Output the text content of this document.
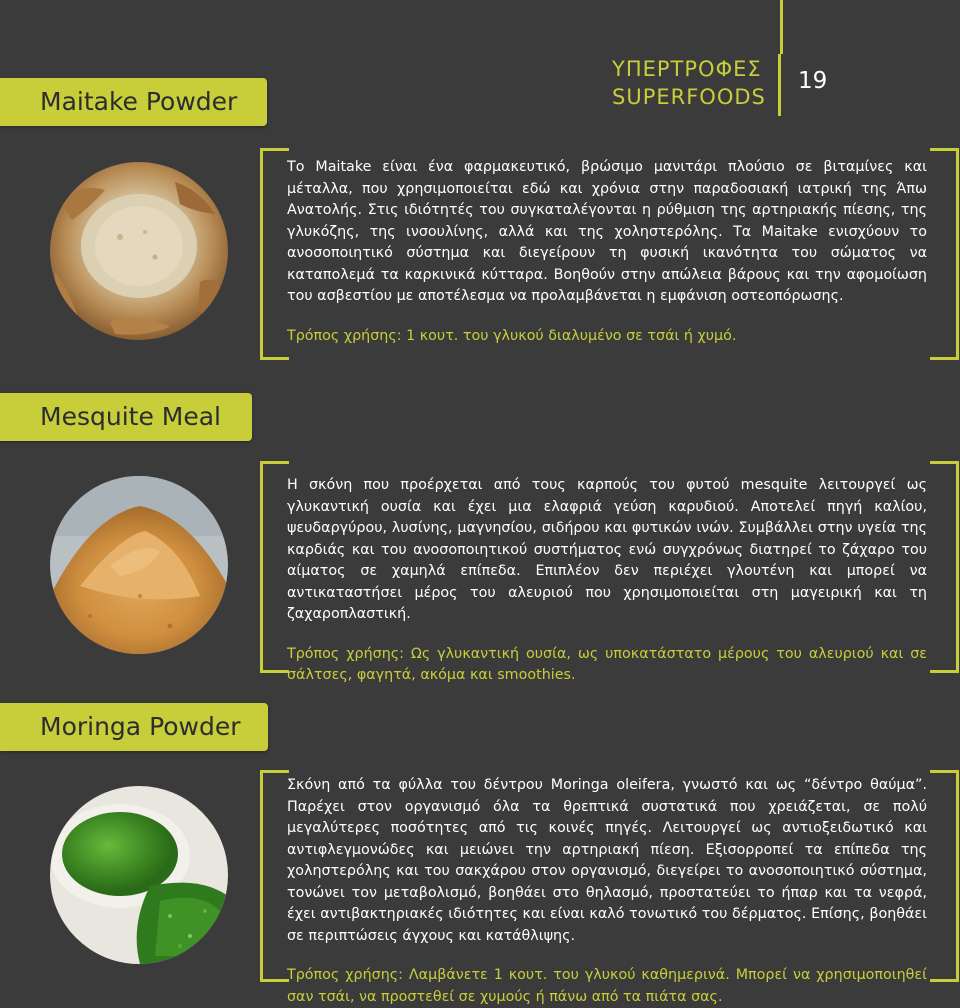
ΥΠΕΡΤΡΟΦΕΣ
SUPERFOODS
19
Maitake Powder

Το Maitake είναι ένα φαρμακευτικό, βρώσιμο μανιτάρι πλούσιο σε βιταμίνες και μέταλλα, που χρησιμοποιείται εδώ και χρόνια στην παραδοσιακή ιατρική της Άπω Ανατολής. Στις ιδιότητές του συγκαταλέγονται η ρύθμιση της αρτηριακής πίεσης, της γλυκόζης, της ινσουλίνης, αλλά και της χοληστερόλης. Τα Maitake ενισχύουν το ανοσοποιητικό σύστημα και διεγείρουν τη φυσική ικανότητα του σώματος να καταπολεμά τα καρκινικά κύτταρα. Βοηθούν στην απώλεια βάρους και την αφομοίωση του ασβεστίου με αποτέλεσμα να προλαμβάνεται η εμφάνιση οστεοπόρωσης.

Τρόπος χρήσης: 1 κουτ. του γλυκού διαλυμένο σε τσάι ή χυμό.

Mesquite Meal

Η σκόνη που προέρχεται από τους καρπούς του φυτού mesquite λειτουργεί ως γλυκαντική ουσία και έχει μια ελαφριά γεύση καρυδιού. Αποτελεί πηγή καλίου, ψευδαργύρου, λυσίνης, μαγνησίου, σιδήρου και φυτικών ινών. Συμβάλλει στην υγεία της καρδιάς και του ανοσοποιητικού συστήματος ενώ συγχρόνως διατηρεί το ζάχαρο του αίματος σε χαμηλά επίπεδα. Επιπλέον δεν περιέχει γλουτένη και μπορεί να αντικαταστήσει μέρος του αλευριού που χρησιμοποιείται στη μαγειρική και τη ζαχαροπλαστική.

Τρόπος χρήσης: Ως γλυκαντική ουσία, ως υποκατάστατο μέρους του αλευριού και σε σάλτσες, φαγητά, ακόμα και smoothies.

Moringa Powder

Σκόνη από τα φύλλα του δέντρου Moringa oleifera, γνωστό και ως “δέντρο θαύμα”. Παρέχει στον οργανισμό όλα τα θρεπτικά συστατικά που χρειάζεται, σε πολύ μεγαλύτερες ποσότητες από τις κοινές πηγές. Λειτουργεί ως αντιοξειδωτικό και αντιφλεγμονώδες και μειώνει την αρτηριακή πίεση. Εξισορροπεί τα επίπεδα της χοληστερόλης και του σακχάρου στον οργανισμό, διεγείρει το ανοσοποιητικό σύστημα, τονώνει τον μεταβολισμό, βοηθάει στο θηλασμό, προστατεύει το ήπαρ και τα νεφρά, έχει αντιβακτηριακές ιδιότητες και είναι καλό τονωτικό του δέρματος. Επίσης, βοηθάει σε περιπτώσεις άγχους και κατάθλιψης.

Τρόπος χρήσης: Λαμβάνετε 1 κουτ. του γλυκού καθημερινά. Μπορεί να χρησιμοποιηθεί σαν τσάι, να προστεθεί σε χυμούς ή πάνω από τα πιάτα σας.
